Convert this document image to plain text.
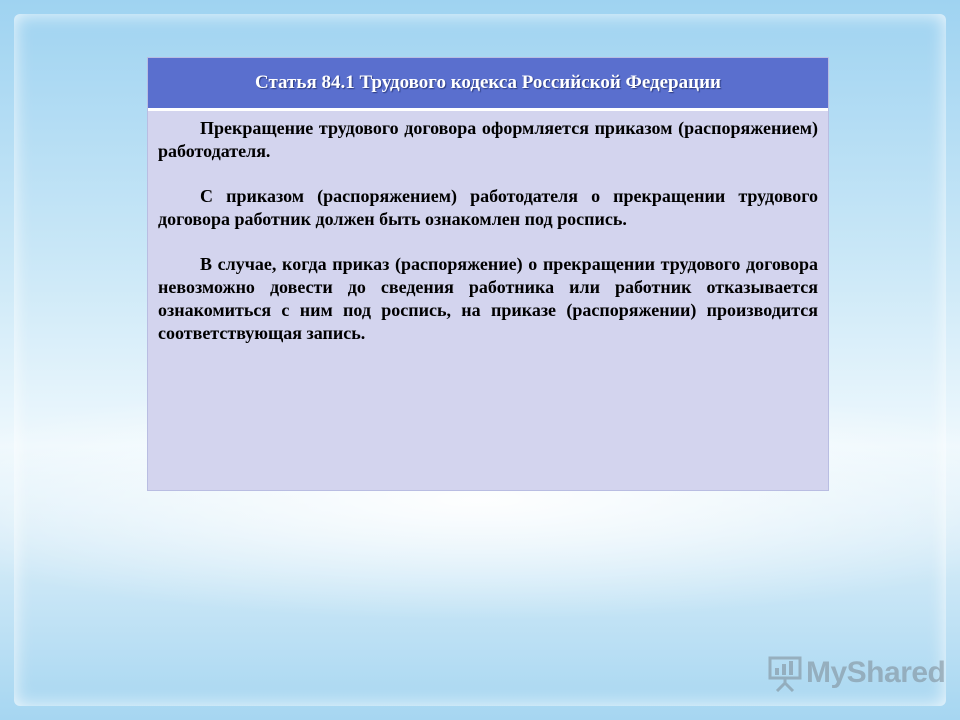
Статья 84.1 Трудового кодекса Российской Федерации

Прекращение трудового договора оформляется приказом (распоряжением) работодателя.

С приказом (распоряжением) работодателя о прекращении трудового договора работник должен быть ознакомлен под роспись.

В случае, когда приказ (распоряжение) о прекращении трудового договора невозможно довести до сведения работника или работник отказывается ознакомиться с ним под роспись, на приказе (распоряжении) производится соответствующая запись.

MyShared
